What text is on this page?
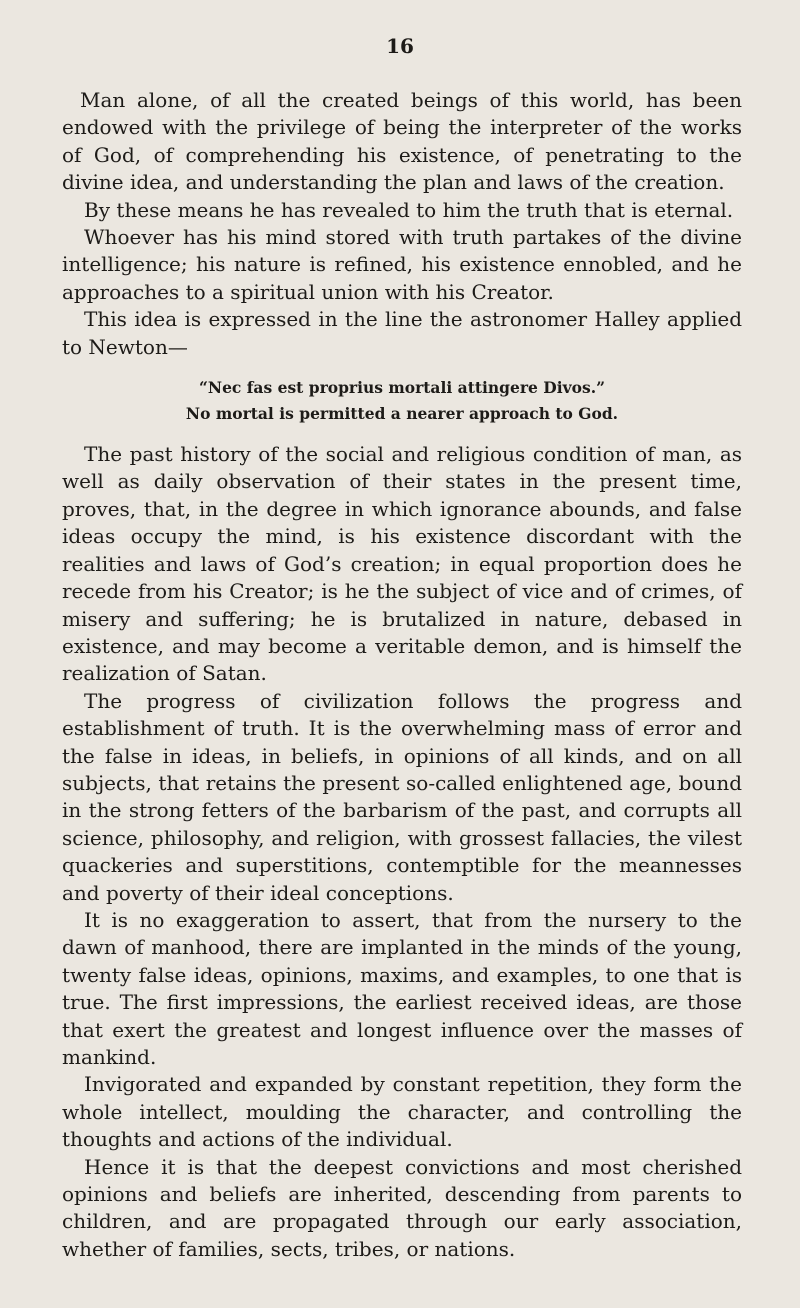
16

Man alone, of all the created beings of this world, has been endowed with the privilege of being the interpreter of the works of God, of comprehending his existence, of penetrating to the divine idea, and understanding the plan and laws of the creation.

By these means he has revealed to him the truth that is eternal.

Whoever has his mind stored with truth partakes of the divine intelligence; his nature is refined, his existence ennobled, and he approaches to a spiritual union with his Creator.

This idea is expressed in the line the astronomer Halley applied to Newton—

“Nec fas est proprius mortali attingere Divos.”
No mortal is permitted a nearer approach to God.

The past history of the social and religious condition of man, as well as daily observation of their states in the present time, proves, that, in the degree in which ignorance abounds, and false ideas occupy the mind, is his existence discordant with the realities and laws of God’s creation; in equal proportion does he recede from his Creator; is he the subject of vice and of crimes, of misery and suffering; he is brutalized in nature, debased in existence, and may become a veritable demon, and is himself the realization of Satan.

The progress of civilization follows the progress and establishment of truth. It is the overwhelming mass of error and the false in ideas, in beliefs, in opinions of all kinds, and on all subjects, that retains the present so-called enlightened age, bound in the strong fetters of the barbarism of the past, and corrupts all science, philosophy, and religion, with grossest fallacies, the vilest quackeries and superstitions, contemptible for the meannesses and poverty of their ideal conceptions.

It is no exaggeration to assert, that from the nursery to the dawn of manhood, there are implanted in the minds of the young, twenty false ideas, opinions, maxims, and examples, to one that is true. The first impressions, the earliest received ideas, are those that exert the greatest and longest influence over the masses of mankind.

Invigorated and expanded by constant repetition, they form the whole intellect, moulding the character, and controlling the thoughts and actions of the individual.

Hence it is that the deepest convictions and most cherished opinions and beliefs are inherited, descending from parents to children, and are propagated through our early association, whether of families, sects, tribes, or nations.
